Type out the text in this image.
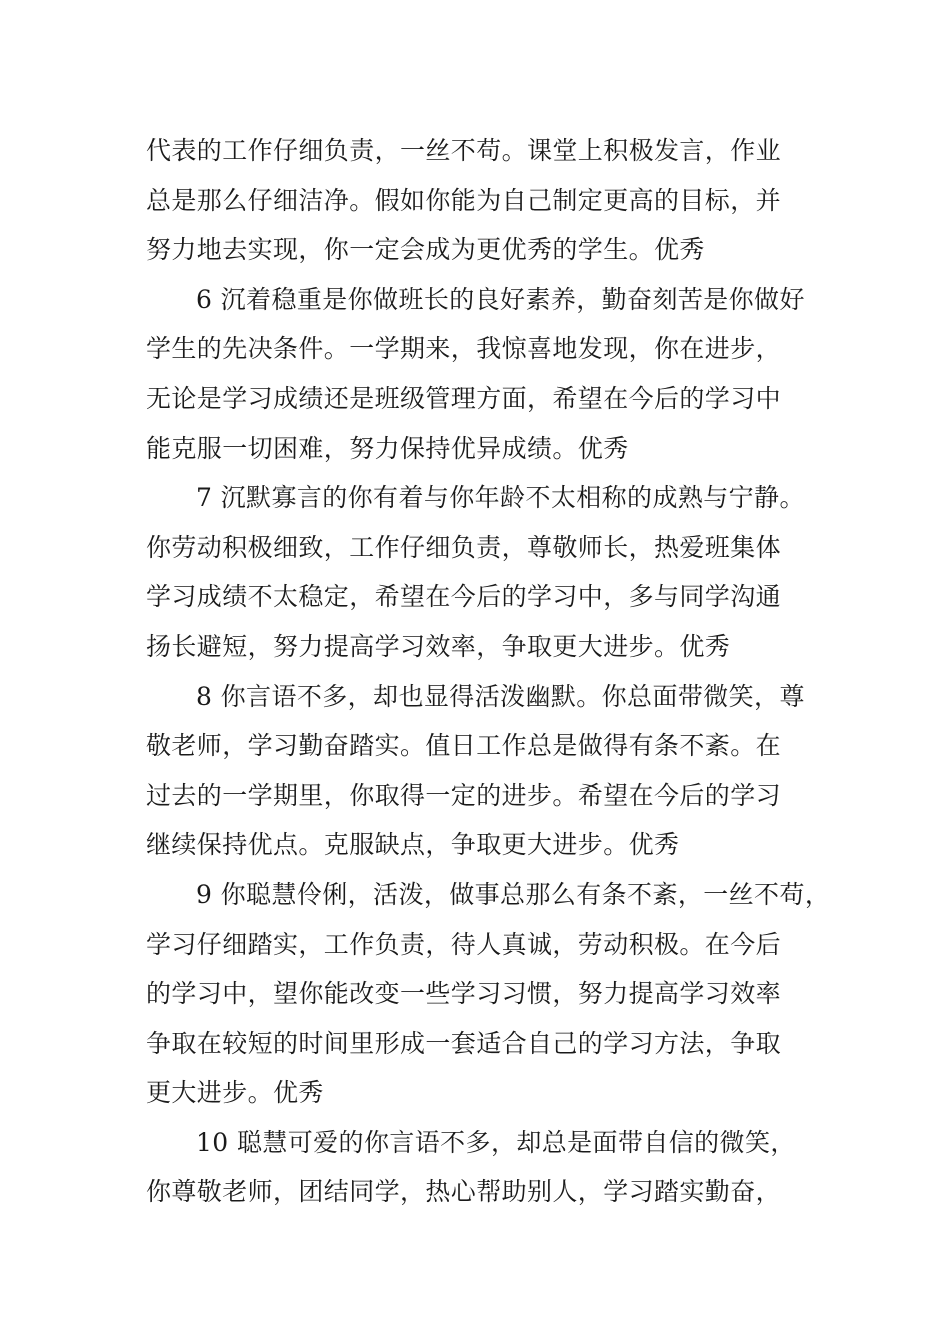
代表的工作仔细负责，一丝不苟。课堂上积极发言，作业
总是那么仔细洁净。假如你能为自己制定更高的目标，并
努力地去实现，你一定会成为更优秀的学生。优秀
6 沉着稳重是你做班长的良好素养，勤奋刻苦是你做好
学生的先决条件。一学期来，我惊喜地发现，你在进步，
无论是学习成绩还是班级管理方面，希望在今后的学习中
能克服一切困难，努力保持优异成绩。优秀
7 沉默寡言的你有着与你年龄不太相称的成熟与宁静。
你劳动积极细致，工作仔细负责，尊敬师长，热爱班集体
学习成绩不太稳定，希望在今后的学习中，多与同学沟通
扬长避短，努力提高学习效率，争取更大进步。优秀
8 你言语不多，却也显得活泼幽默。你总面带微笑，尊
敬老师，学习勤奋踏实。值日工作总是做得有条不紊。在
过去的一学期里，你取得一定的进步。希望在今后的学习
继续保持优点。克服缺点，争取更大进步。优秀
9 你聪慧伶俐，活泼，做事总那么有条不紊，一丝不苟，
学习仔细踏实，工作负责，待人真诚，劳动积极。在今后
的学习中，望你能改变一些学习习惯，努力提高学习效率
争取在较短的时间里形成一套适合自己的学习方法，争取
更大进步。优秀
10 聪慧可爱的你言语不多，却总是面带自信的微笑，
你尊敬老师，团结同学，热心帮助别人，学习踏实勤奋，
